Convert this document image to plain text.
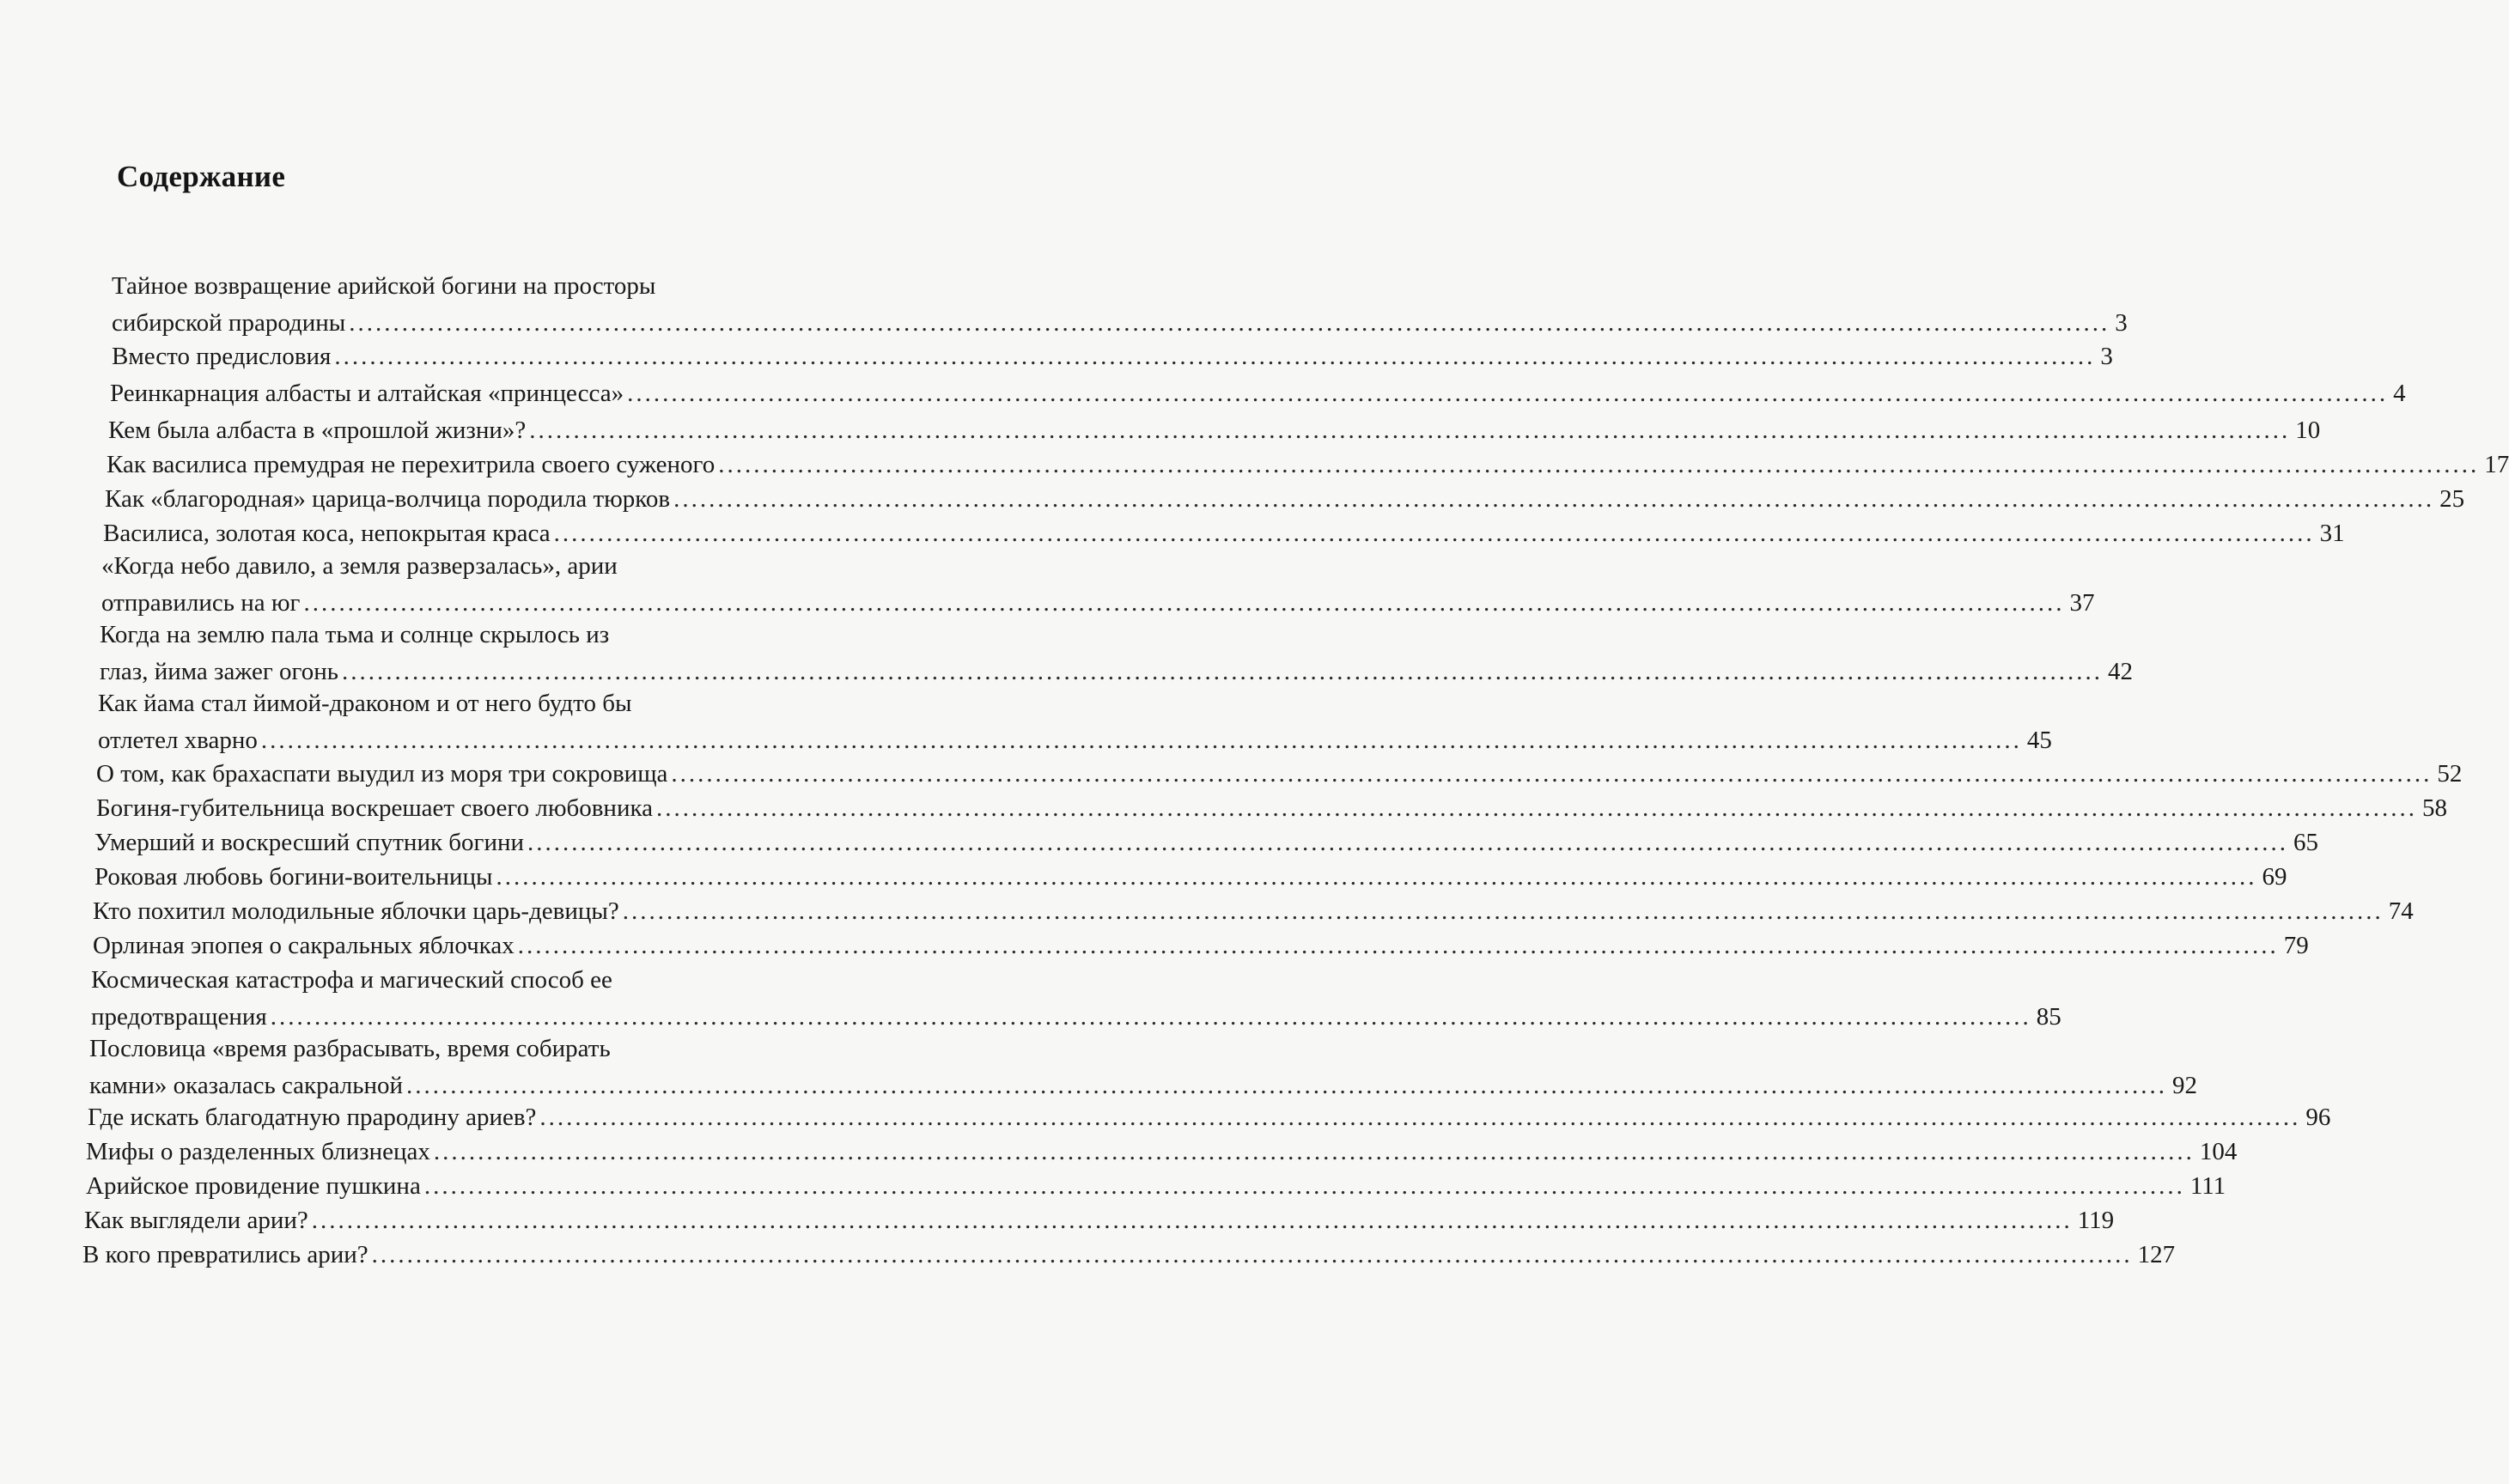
Содержание
Тайное возвращение арийской богини на просторы
сибирской прародины ........................................................................................................................................................................................................ 3
Вместо предисловия ........................................................................................................................................................................................................ 3
Реинкарнация албасты и алтайская «принцесса» ........................................................................................................................................................................................................ 4
Кем была албаста в «прошлой жизни»? ........................................................................................................................................................................................................ 10
Как василиса премудрая не перехитрила своего суженого ........................................................................................................................................................................................................ 17
Как «благородная» царица-волчица породила тюрков ........................................................................................................................................................................................................ 25
Василиса, золотая коса, непокрытая краса ........................................................................................................................................................................................................ 31
«Когда небо давило, а земля разверзалась», арии
отправились на юг ........................................................................................................................................................................................................ 37
Когда на землю пала тьма и солнце скрылось из
глаз, йима зажег огонь ........................................................................................................................................................................................................ 42
Как йама стал йимой-драконом и от него будто бы
отлетел хварно ........................................................................................................................................................................................................ 45
О том, как брахаспати выудил из моря три сокровища ........................................................................................................................................................................................................ 52
Богиня-губительница воскрешает своего любовника ........................................................................................................................................................................................................ 58
Умерший и воскресший спутник богини ........................................................................................................................................................................................................ 65
Роковая любовь богини-воительницы ........................................................................................................................................................................................................ 69
Кто похитил молодильные яблочки царь-девицы? ........................................................................................................................................................................................................ 74
Орлиная эпопея о сакральных яблочках ........................................................................................................................................................................................................ 79
Космическая катастрофа и магический способ ее
предотвращения ........................................................................................................................................................................................................ 85
Пословица «время разбрасывать, время собирать
камни» оказалась сакральной ........................................................................................................................................................................................................ 92
Где искать благодатную прародину ариев? ........................................................................................................................................................................................................ 96
Мифы о разделенных близнецах ........................................................................................................................................................................................................ 104
Арийское провидение пушкина ........................................................................................................................................................................................................ 111
Как выглядели арии? ........................................................................................................................................................................................................ 119
В кого превратились арии? ........................................................................................................................................................................................................ 127
